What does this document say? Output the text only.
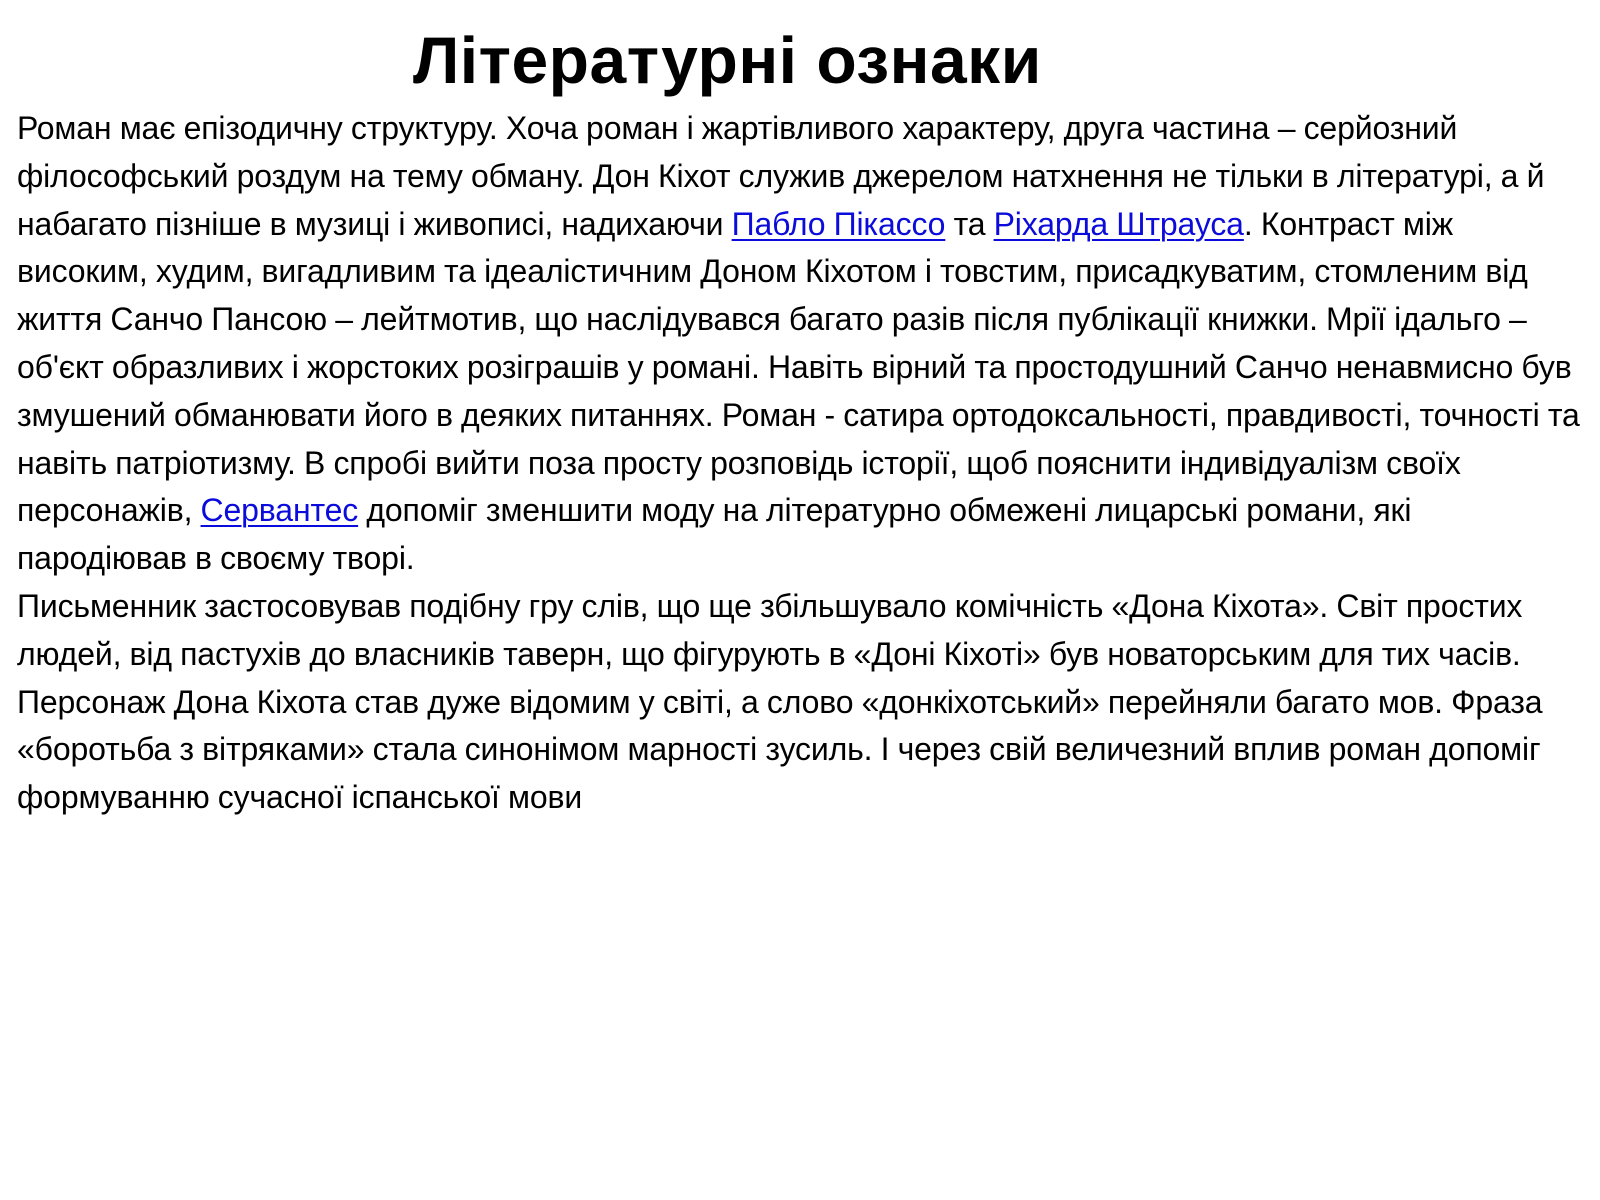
Літературні ознаки

Роман має епізодичну структуру. Хоча роман і жартівливого характеру, друга частина – серйозний філософський роздум на тему обману. Дон Кіхот служив джерелом натхнення не тільки в літературі, а й набагато пізніше в музиці і живописі, надихаючи Пабло Пікассо та Ріхарда Штрауса. Контраст між високим, худим, вигадливим та ідеалістичним Доном Кіхотом і товстим, присадкуватим, стомленим від життя Санчо Пансою – лейтмотив, що наслідувався багато разів після публікації книжки. Мрії ідальго – об'єкт образливих і жорстоких розіграшів у романі. Навіть вірний та простодушний Санчо ненавмисно був змушений обманювати його в деяких питаннях. Роман - сатира ортодоксальності, правдивості, точності та навіть патріотизму. В спробі вийти поза просту розповідь історії, щоб пояснити індивідуалізм своїх персонажів, Сервантес допоміг зменшити моду на літературно обмежені лицарські романи, які пародіював в своєму творі.

Письменник застосовував подібну гру слів, що ще збільшувало комічність «Дона Кіхота». Світ простих людей, від пастухів до власників таверн, що фігурують в «Доні Кіхоті» був новаторським для тих часів. Персонаж Дона Кіхота став дуже відомим у світі, а слово «донкіхотський» перейняли багато мов. Фраза «боротьба з вітряками» стала синонімом марності зусиль. І через свій величезний вплив роман допоміг формуванню сучасної іспанської мови
